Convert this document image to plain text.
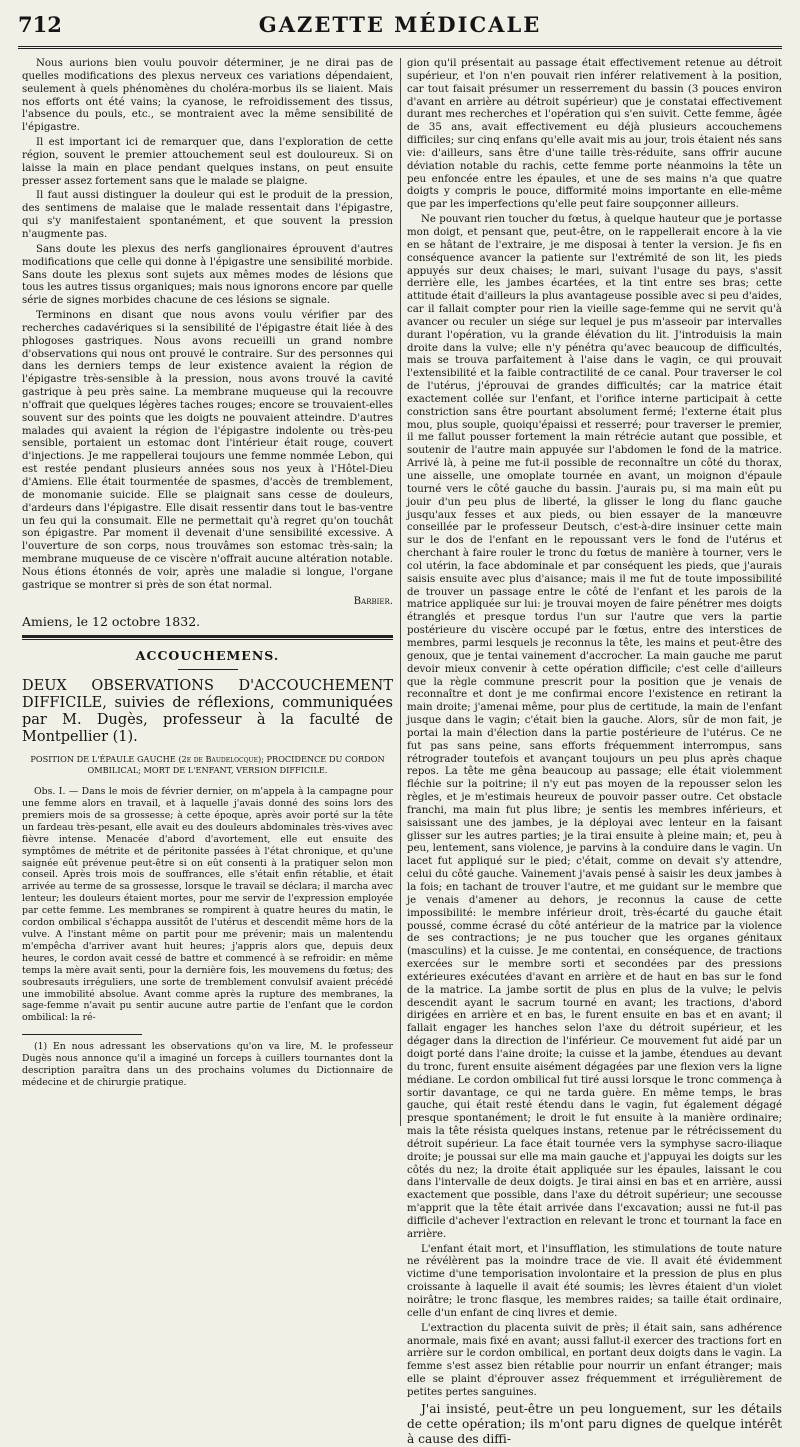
712	GAZETTE MÉDICALE

Nous aurions bien voulu pouvoir déterminer, je ne dirai pas de quelles modifications des plexus nerveux ces variations dépendaient, seulement à quels phénomènes du choléra-morbus ils se liaient. Mais nos efforts ont été vains; la cyanose, le refroidissement des tissus, l'absence du pouls, etc., se montraient avec la même sensibilité de l'épigastre.

Il est important ici de remarquer que, dans l'exploration de cette région, souvent le premier attouchement seul est douloureux. Si on laisse la main en place pendant quelques instans, on peut ensuite presser assez fortement sans que le malade se plaigne.

Il faut aussi distinguer la douleur qui est le produit de la pression, des sentimens de malaise que le malade ressentait dans l'épigastre, qui s'y manifestaient spontanément, et que souvent la pression n'augmente pas.

Sans doute les plexus des nerfs ganglionaires éprouvent d'autres modifications que celle qui donne à l'épigastre une sensibilité morbide. Sans doute les plexus sont sujets aux mêmes modes de lésions que tous les autres tissus organiques; mais nous ignorons encore par quelle série de signes morbides chacune de ces lésions se signale.

Terminons en disant que nous avons voulu vérifier par des recherches cadavériques si la sensibilité de l'épigastre était liée à des phlogoses gastriques. Nous avons recueilli un grand nombre d'observations qui nous ont prouvé le contraire. Sur des personnes qui dans les derniers temps de leur existence avaient la région de l'épigastre très-sensible à la pression, nous avons trouvé la cavité gastrique à peu près saine. La membrane muqueuse qui la recouvre n'offrait que quelques légères taches rouges; encore se trouvaient-elles souvent sur des points que les doigts ne pouvaient atteindre. D'autres malades qui avaient la région de l'épigastre indolente ou très-peu sensible, portaient un estomac dont l'intérieur était rouge, couvert d'injections. Je me rappellerai toujours une femme nommée Lebon, qui est restée pendant plusieurs années sous nos yeux à l'Hôtel-Dieu d'Amiens. Elle était tourmentée de spasmes, d'accès de tremblement, de monomanie suicide. Elle se plaignait sans cesse de douleurs, d'ardeurs dans l'épigastre. Elle disait ressentir dans tout le bas-ventre un feu qui la consumait. Elle ne permettait qu'à regret qu'on touchât son épigastre. Par moment il devenait d'une sensibilité excessive. A l'ouverture de son corps, nous trouvâmes son estomac très-sain; la membrane muqueuse de ce viscère n'offrait aucune altération notable. Nous étions étonnés de voir, après une maladie si longue, l'organe gastrique se montrer si près de son état normal.

Barbier.
Amiens, le 12 octobre 1832.
ACCOUCHEMENS.
DEUX OBSERVATIONS D'ACCOUCHEMENT DIFFICILE, suivies de réflexions, communiquées par M. Dugès, professeur à la faculté de Montpellier (1).
POSITION DE L'ÉPAULE GAUCHE (2e de Baudelocque); PROCIDENCE DU CORDON OMBILICAL; MORT DE L'ENFANT, VERSION DIFFICILE.

Obs. I. — Dans le mois de février dernier, on m'appela à la campagne pour une femme alors en travail, et à laquelle j'avais donné des soins lors des premiers mois de sa grossesse; à cette époque, après avoir porté sur la tête un fardeau très-pesant, elle avait eu des douleurs abdominales très-vives avec fièvre intense. Menacée d'abord d'avortement, elle eut ensuite des symptômes de métrite et de péritonite passées à l'état chronique, et qu'une saignée eût prévenue peut-être si on eût consenti à la pratiquer selon mon conseil. Après trois mois de souffrances, elle s'était enfin rétablie, et était arrivée au terme de sa grossesse, lorsque le travail se déclara; il marcha avec lenteur; les douleurs étaient mortes, pour me servir de l'expression employée par cette femme. Les membranes se rompirent à quatre heures du matin, le cordon ombilical s'échappa aussitôt de l'utérus et descendit même hors de la vulve. A l'instant même on partit pour me prévenir; mais un malentendu m'empêcha d'arriver avant huit heures; j'appris alors que, depuis deux heures, le cordon avait cessé de battre et commencé à se refroidir: en même temps la mère avait senti, pour la dernière fois, les mouvemens du fœtus; des soubresauts irréguliers, une sorte de tremblement convulsif avaient précédé une immobilité absolue. Avant comme après la rupture des membranes, la sage-femme n'avait pu sentir aucune autre partie de l'enfant que le cordon ombilical: la ré-

(1) En nous adressant les observations qu'on va lire, M. le professeur Dugès nous annonce qu'il a imaginé un forceps à cuillers tournantes dont la description paraîtra dans un des prochains volumes du Dictionnaire de médecine et de chirurgie pratique.

gion qu'il présentait au passage était effectivement retenue au détroit supérieur, et l'on n'en pouvait rien inférer relativement à la position, car tout faisait présumer un resserrement du bassin (3 pouces environ d'avant en arrière au détroit supérieur) que je constatai effectivement durant mes recherches et l'opération qui s'en suivit. Cette femme, âgée de 35 ans, avait effectivement eu déjà plusieurs accouchemens difficiles; sur cinq enfans qu'elle avait mis au jour, trois étaient nés sans vie: d'ailleurs, sans être d'une taille très-réduite, sans offrir aucune déviation notable du rachis, cette femme porte néanmoins la tête un peu enfoncée entre les épaules, et une de ses mains n'a que quatre doigts y compris le pouce, difformité moins importante en elle-même que par les imperfections qu'elle peut faire soupçonner ailleurs.

Ne pouvant rien toucher du fœtus, à quelque hauteur que je portasse mon doigt, et pensant que, peut-être, on le rappellerait encore à la vie en se hâtant de l'extraire, je me disposai à tenter la version. Je fis en conséquence avancer la patiente sur l'extrémité de son lit, les pieds appuyés sur deux chaises; le mari, suivant l'usage du pays, s'assit derrière elle, les jambes écartées, et la tint entre ses bras; cette attitude était d'ailleurs la plus avantageuse possible avec si peu d'aides, car il fallait compter pour rien la vieille sage-femme qui ne servit qu'à avancer ou reculer un siége sur lequel je pus m'asseoir par intervalles durant l'opération, vu la grande élévation du lit. J'introduisis la main droite dans la vulve; elle n'y pénétra qu'avec beaucoup de difficultés, mais se trouva parfaitement à l'aise dans le vagin, ce qui prouvait l'extensibilité et la faible contractilité de ce canal. Pour traverser le col de l'utérus, j'éprouvai de grandes difficultés; car la matrice était exactement collée sur l'enfant, et l'orifice interne participait à cette constriction sans être pourtant absolument fermé; l'externe était plus mou, plus souple, quoiqu'épaissi et resserré; pour traverser le premier, il me fallut pousser fortement la main rétrécie autant que possible, et soutenir de l'autre main appuyée sur l'abdomen le fond de la matrice. Arrivé là, à peine me fut-il possible de reconnaître un côté du thorax, une aisselle, une omoplate tournée en avant, un moignon d'épaule tourné vers le côté gauche du bassin. J'aurais pu, si ma main eût pu jouir d'un peu plus de liberté, la glisser le long du flanc gauche jusqu'aux fesses et aux pieds, ou bien essayer de la manœuvre conseillée par le professeur Deutsch, c'est-à-dire insinuer cette main sur le dos de l'enfant en le repoussant vers le fond de l'utérus et cherchant à faire rouler le tronc du fœtus de manière à tourner, vers le col utérin, la face abdominale et par conséquent les pieds, que j'aurais saisis ensuite avec plus d'aisance; mais il me fut de toute impossibilité de trouver un passage entre le côté de l'enfant et les parois de la matrice appliquée sur lui: je trouvai moyen de faire pénétrer mes doigts étranglés et presque tordus l'un sur l'autre que vers la partie postérieure du viscère occupé par le fœtus, entre des interstices de membres, parmi lesquels je reconnus la tête, les mains et peut-être des genoux, que je tentai vainement d'accrocher. La main gauche me parut devoir mieux convenir à cette opération difficile; c'est celle d'ailleurs que la règle commune prescrit pour la position que je venais de reconnaître et dont je me confirmai encore l'existence en retirant la main droite; j'amenai même, pour plus de certitude, la main de l'enfant jusque dans le vagin; c'était bien la gauche. Alors, sûr de mon fait, je portai la main d'élection dans la partie postérieure de l'utérus. Ce ne fut pas sans peine, sans efforts fréquemment interrompus, sans rétrograder toutefois et avançant toujours un peu plus après chaque repos. La tête me gêna beaucoup au passage; elle était violemment fléchie sur la poitrine; il n'y eut pas moyen de la repousser selon les règles, et je m'estimais heureux de pouvoir passer outre. Cet obstacle franchi, ma main fut plus libre; je sentis les membres inférieurs, et saisissant une des jambes, je la déployai avec lenteur en la faisant glisser sur les autres parties; je la tirai ensuite à pleine main; et, peu à peu, lentement, sans violence, je parvins à la conduire dans le vagin. Un lacet fut appliqué sur le pied; c'était, comme on devait s'y attendre, celui du côté gauche. Vainement j'avais pensé à saisir les deux jambes à la fois; en tachant de trouver l'autre, et me guidant sur le membre que je venais d'amener au dehors, je reconnus la cause de cette impossibilité: le membre inférieur droit, très-écarté du gauche était poussé, comme écrasé du côté antérieur de la matrice par la violence de ses contractions; je ne pus toucher que les organes génitaux (masculins) et la cuisse. Je me contentai, en conséquence, de tractions exercées sur le membre sorti et secondées par des pressions extérieures exécutées d'avant en arrière et de haut en bas sur le fond de la matrice. La jambe sortit de plus en plus de la vulve; le pelvis descendit ayant le sacrum tourné en avant; les tractions, d'abord dirigées en arrière et en bas, le furent ensuite en bas et en avant; il fallait engager les hanches selon l'axe du détroit supérieur, et les dégager dans la direction de l'inférieur. Ce mouvement fut aidé par un doigt porté dans l'aine droite; la cuisse et la jambe, étendues au devant du tronc, furent ensuite aisément dégagées par une flexion vers la ligne médiane. Le cordon ombilical fut tiré aussi lorsque le tronc commença à sortir davantage, ce qui ne tarda guère. En même temps, le bras gauche, qui était resté étendu dans le vagin, fut également dégagé presque spontanément; le droit le fut ensuite à la manière ordinaire; mais la tête résista quelques instans, retenue par le rétrécissement du détroit supérieur. La face était tournée vers la symphyse sacro-iliaque droite; je poussai sur elle ma main gauche et j'appuyai les doigts sur les côtés du nez; la droite était appliquée sur les épaules, laissant le cou dans l'intervalle de deux doigts. Je tirai ainsi en bas et en arrière, aussi exactement que possible, dans l'axe du détroit supérieur; une secousse m'apprit que la tête était arrivée dans l'excavation; aussi ne fut-il pas difficile d'achever l'extraction en relevant le tronc et tournant la face en arrière.

L'enfant était mort, et l'insufflation, les stimulations de toute nature ne révélèrent pas la moindre trace de vie. Il avait été évidemment victime d'une temporisation involontaire et la pression de plus en plus croissante à laquelle il avait été soumis; les lèvres étaient d'un violet noirâtre; le tronc flasque, les membres raides; sa taille était ordinaire, celle d'un enfant de cinq livres et demie.

L'extraction du placenta suivit de près; il était sain, sans adhérence anormale, mais fixé en avant; aussi fallut-il exercer des tractions fort en arrière sur le cordon ombilical, en portant deux doigts dans le vagin. La femme s'est assez bien rétablie pour nourrir un enfant étranger; mais elle se plaint d'éprouver assez fréquemment et irrégulièrement de petites pertes sanguines.

J'ai insisté, peut-être un peu longuement, sur les détails de cette opération; ils m'ont paru dignes de quelque intérêt à cause des diffi-
